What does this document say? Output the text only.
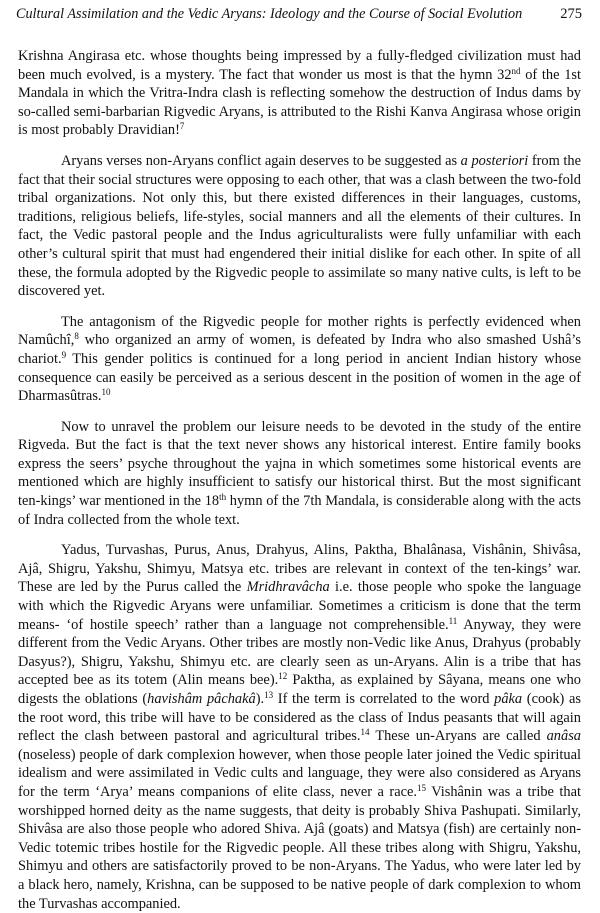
Cultural Assimilation and the Vedic Aryans: Ideology and the Course of Social Evolution	275

Krishna Angirasa etc. whose thoughts being impressed by a fully-fledged civilization must had been much evolved, is a mystery. The fact that wonder us most is that the hymn 32nd of the 1st Mandala in which the Vritra-Indra clash is reflecting somehow the destruction of Indus dams by so-called semi-barbarian Rigvedic Aryans, is attributed to the Rishi Kanva Angirasa whose origin is most probably Dravidian!$^7$

Aryans verses non-Aryans conflict again deserves to be suggested as a posteriori from the fact that their social structures were opposing to each other, that was a clash between the two-fold tribal organizations. Not only this, but there existed differences in their languages, customs, traditions, religious beliefs, life-styles, social manners and all the elements of their cultures. In fact, the Vedic pastoral people and the Indus agriculturalists were fully unfamiliar with each other’s cultural spirit that must had engendered their initial dislike for each other. In spite of all these, the formula adopted by the Rigvedic people to assimilate so many native cults, is left to be discovered yet.

The antagonism of the Rigvedic people for mother rights is perfectly evidenced when Namûchî,$^8$ who organized an army of women, is defeated by Indra who also smashed Ushâ’s chariot.$^9$ This gender politics is continued for a long period in ancient Indian history whose consequence can easily be perceived as a serious descent in the position of women in the age of Dharmasûtras.$^{10}$

Now to unravel the problem our leisure needs to be devoted in the study of the entire Rigveda. But the fact is that the text never shows any historical interest. Entire family books express the seers’ psyche throughout the yajna in which sometimes some historical events are mentioned which are highly insufficient to satisfy our historical thirst. But the most significant ten-kings’ war mentioned in the 18th hymn of the 7th Mandala, is considerable along with the acts of Indra collected from the whole text.

Yadus, Turvashas, Purus, Anus, Drahyus, Alins, Paktha, Bhalânasa, Vishânin, Shivâsa, Ajâ, Shigru, Yakshu, Shimyu, Matsya etc. tribes are relevant in context of the ten-kings’ war. These are led by the Purus called the Mridhravâcha i.e. those people who spoke the language with which the Rigvedic Aryans were unfamiliar. Sometimes a criticism is done that the term means- ‘of hostile speech’ rather than a language not comprehensible.$^{11}$ Anyway, they were different from the Vedic Aryans. Other tribes are mostly non-Vedic like Anus, Drahyus (probably Dasyus?), Shigru, Yakshu, Shimyu etc. are clearly seen as un-Aryans. Alin is a tribe that has accepted bee as its totem (Alin means bee).$^{12}$ Paktha, as explained by Sâyana, means one who digests the oblations (havishâm pâchakâ).$^{13}$ If the term is correlated to the word pâka (cook) as the root word, this tribe will have to be considered as the class of Indus peasants that will again reflect the clash between pastoral and agricultural tribes.$^{14}$ These un-Aryans are called anâsa (noseless) people of dark complexion however, when those people later joined the Vedic spiritual idealism and were assimilated in Vedic cults and language, they were also considered as Aryans for the term ‘Arya’ means companions of elite class, never a race.$^{15}$ Vishânin was a tribe that worshipped horned deity as the name suggests, that deity is probably Shiva Pashupati. Similarly, Shivâsa are also those people who adored Shiva. Ajâ (goats) and Matsya (fish) are certainly non-Vedic totemic tribes hostile for the Rigvedic people. All these tribes along with Shigru, Yakshu, Shimyu and others are satisfactorily proved to be non-Aryans. The Yadus, who were later led by a black hero, namely, Krishna, can be supposed to be native people of dark complexion to whom the Turvashas accompanied.
